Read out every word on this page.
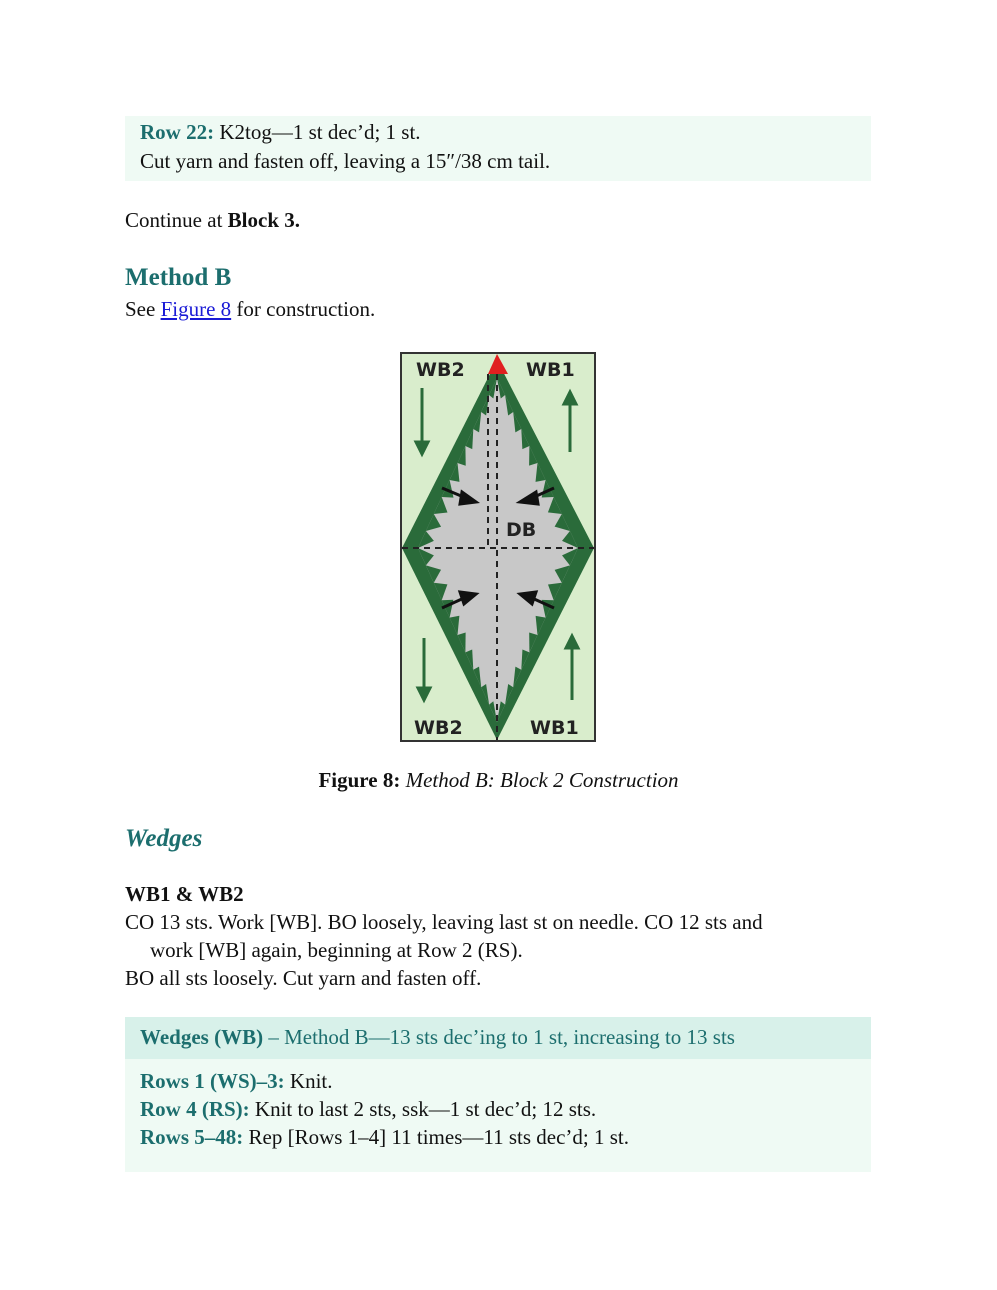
Row 22: K2tog—1 st dec’d; 1 st.
Cut yarn and fasten off, leaving a 15″/38 cm tail.
Continue at Block 3.
Method B
See Figure 8 for construction.
WB2	WB1
DB
WB2	WB1
Figure 8: Method B: Block 2 Construction
Wedges
WB1 & WB2
CO 13 sts. Work [WB]. BO loosely, leaving last st on needle. CO 12 sts and
work [WB] again, beginning at Row 2 (RS).
BO all sts loosely. Cut yarn and fasten off.
Wedges (WB) – Method B—13 sts dec’ing to 1 st, increasing to 13 sts
Rows 1 (WS)–3: Knit.
Row 4 (RS): Knit to last 2 sts, ssk—1 st dec’d; 12 sts.
Rows 5–48: Rep [Rows 1–4] 11 times—11 sts dec’d; 1 st.
